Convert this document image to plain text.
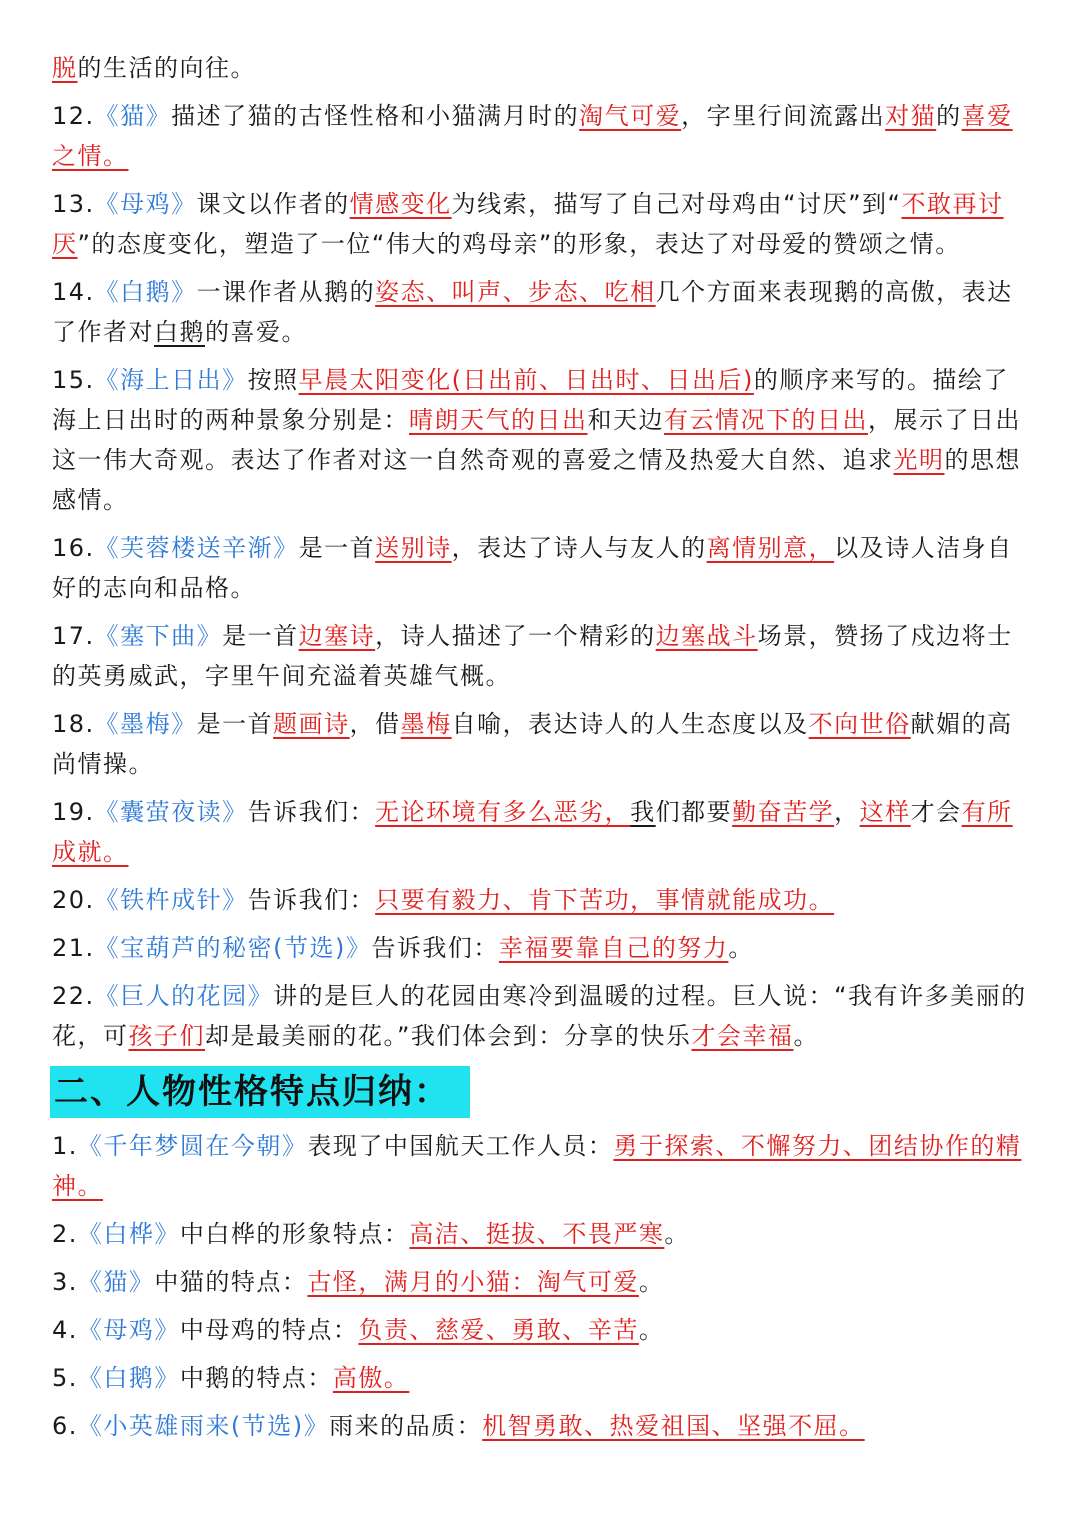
脱的生活的向往。

12.《猫》描述了猫的古怪性格和小猫满月时的淘气可爱，字里行间流露出对猫的喜爱之情。

13.《母鸡》课文以作者的情感变化为线索，描写了自己对母鸡由“讨厌”到“不敢再讨厌”的态度变化，塑造了一位“伟大的鸡母亲”的形象，表达了对母爱的赞颂之情。

14.《白鹅》一课作者从鹅的姿态、叫声、步态、吃相几个方面来表现鹅的高傲，表达了作者对白鹅的喜爱。

15.《海上日出》按照早晨太阳变化(日出前、日出时、日出后)的顺序来写的。描绘了海上日出时的两种景象分别是：晴朗天气的日出和天边有云情况下的日出，展示了日出这一伟大奇观。表达了作者对这一自然奇观的喜爱之情及热爱大自然、追求光明的思想感情。

16.《芙蓉楼送辛渐》是一首送别诗，表达了诗人与友人的离情别意，以及诗人洁身自好的志向和品格。

17.《塞下曲》是一首边塞诗，诗人描述了一个精彩的边塞战斗场景，赞扬了戍边将士的英勇威武，字里午间充溢着英雄气概。

18.《墨梅》是一首题画诗，借墨梅自喻，表达诗人的人生态度以及不向世俗献媚的高尚情操。

19.《囊萤夜读》告诉我们：无论环境有多么恶劣，我们都要勤奋苦学，这样才会有所成就。

20.《铁杵成针》告诉我们：只要有毅力、肯下苦功，事情就能成功。

21.《宝葫芦的秘密(节选)》告诉我们：幸福要靠自己的努力。

22.《巨人的花园》讲的是巨人的花园由寒冷到温暖的过程。巨人说：“我有许多美丽的花，可孩子们却是最美丽的花。”我们体会到：分享的快乐才会幸福。

二、人物性格特点归纳：

1.《千年梦圆在今朝》表现了中国航天工作人员：勇于探索、不懈努力、团结协作的精神。

2.《白桦》中白桦的形象特点：高洁、挺拔、不畏严寒。

3.《猫》中猫的特点：古怪，满月的小猫：淘气可爱。

4.《母鸡》中母鸡的特点：负责、慈爱、勇敢、辛苦。

5.《白鹅》中鹅的特点：高傲。

6.《小英雄雨来(节选)》雨来的品质：机智勇敢、热爱祖国、坚强不屈。
